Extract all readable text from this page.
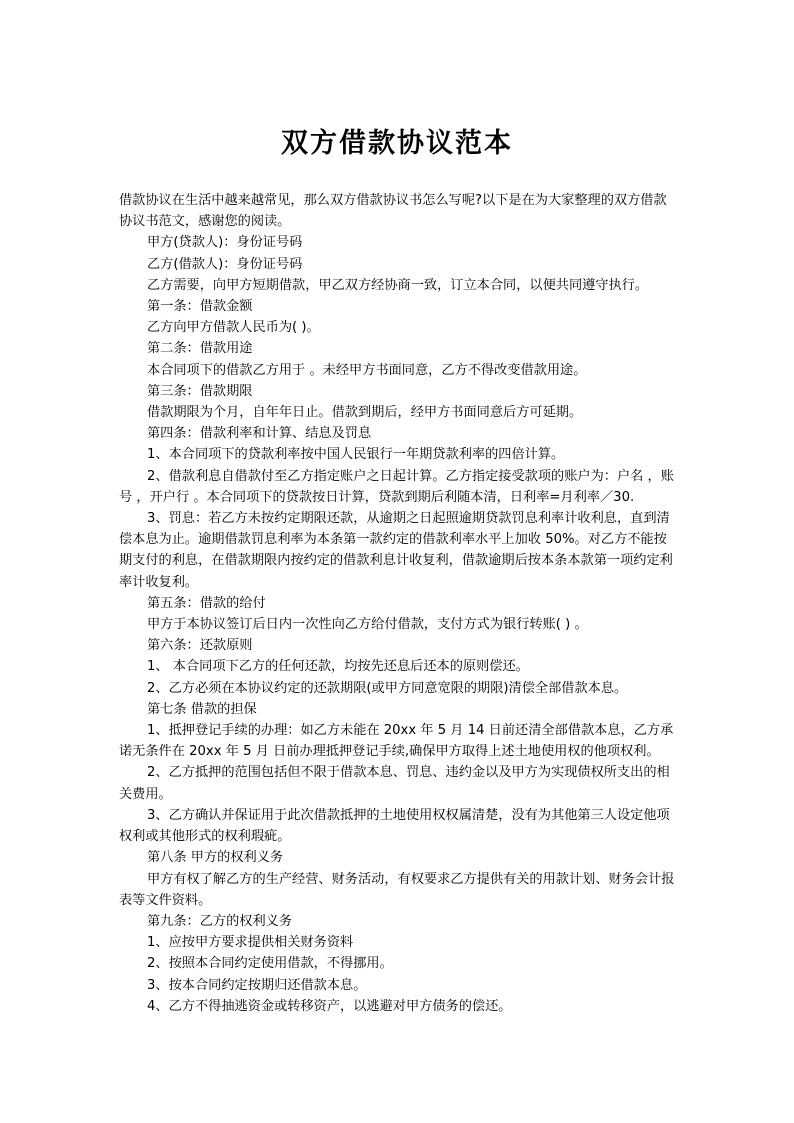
双方借款协议范本

借款协议在生活中越来越常见，那么双方借款协议书怎么写呢?以下是在为大家整理的双方借款协议书范文，感谢您的阅读。

甲方(贷款人)：身份证号码

乙方(借款人)：身份证号码

乙方需要，向甲方短期借款，甲乙双方经协商一致，订立本合同，以便共同遵守执行。

第一条：借款金额

乙方向甲方借款人民币为( )。

第二条：借款用途

本合同项下的借款乙方用于 。未经甲方书面同意，乙方不得改变借款用途。

第三条：借款期限

借款期限为个月，自年年日止。借款到期后，经甲方书面同意后方可延期。

第四条：借款利率和计算、结息及罚息

1、本合同项下的贷款利率按中国人民银行一年期贷款利率的四倍计算。

2、借款利息自借款付至乙方指定账户之日起计算。乙方指定接受款项的账户为：户名 ，账号 ，开户行 。本合同项下的贷款按日计算，贷款到期后利随本清，日利率=月利率／30.

3、罚息：若乙方未按约定期限还款，从逾期之日起照逾期贷款罚息利率计收利息，直到清偿本息为止。逾期借款罚息利率为本条第一款约定的借款利率水平上加收 50%。对乙方不能按期支付的利息，在借款期限内按约定的借款利息计收复利，借款逾期后按本条本款第一项约定利率计收复利。

第五条：借款的给付

甲方于本协议签订后日内一次性向乙方给付借款，支付方式为银行转账( ) 。

第六条：还款原则

1、 本合同项下乙方的任何还款，均按先还息后还本的原则偿还。

2、乙方必须在本协议约定的还款期限(或甲方同意宽限的期限)清偿全部借款本息。

第七条 借款的担保

1、抵押登记手续的办理：如乙方未能在 20xx 年 5 月 14 日前还清全部借款本息，乙方承诺无条件在 20xx 年 5 月 日前办理抵押登记手续,确保甲方取得上述土地使用权的他项权利。

2、乙方抵押的范围包括但不限于借款本息、罚息、违约金以及甲方为实现债权所支出的相关费用。

3、乙方确认并保证用于此次借款抵押的土地使用权权属清楚，没有为其他第三人设定他项权利或其他形式的权利瑕疵。

第八条 甲方的权利义务

甲方有权了解乙方的生产经营、财务活动，有权要求乙方提供有关的用款计划、财务会计报表等文件资料。

第九条：乙方的权利义务

1、应按甲方要求提供相关财务资料

2、按照本合同约定使用借款，不得挪用。

3、按本合同约定按期归还借款本息。

4、乙方不得抽逃资金或转移资产，以逃避对甲方债务的偿还。
